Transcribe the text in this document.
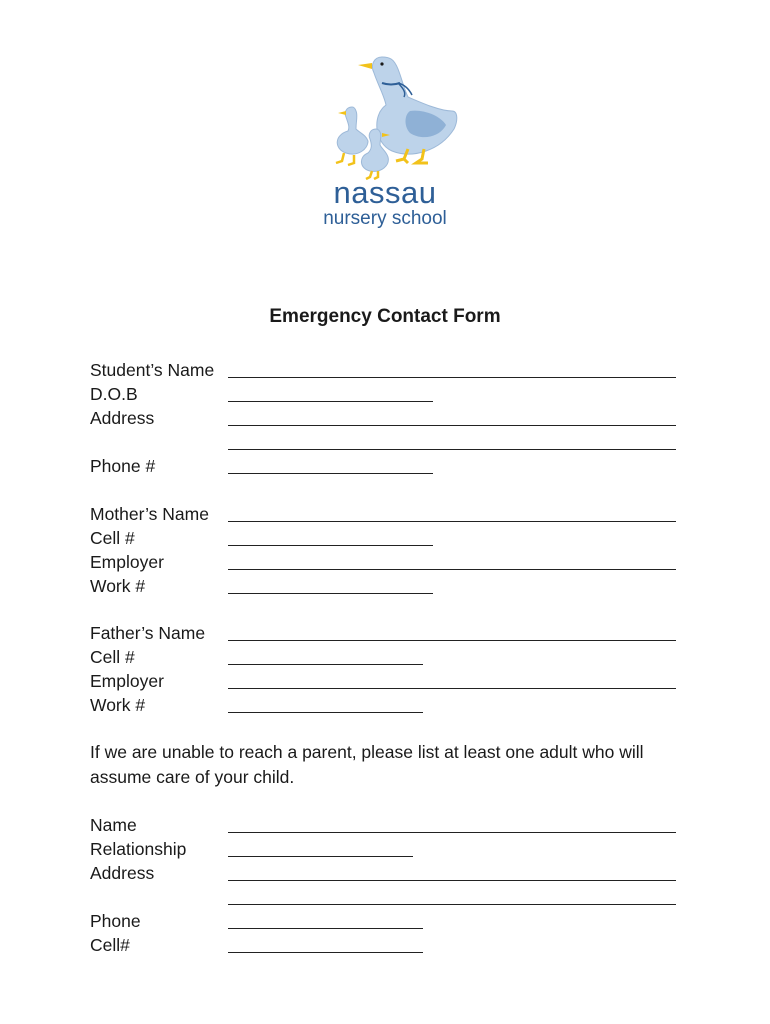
nassau
nursery school
Emergency Contact Form
Student’s Name
D.O.B
Address
Phone #
Mother’s Name
Cell #
Employer
Work #
Father’s Name
Cell #
Employer
Work #
If we are unable to reach a parent, please list at least one adult who will assume care of your child.
Name
Relationship
Address
Phone
Cell#
